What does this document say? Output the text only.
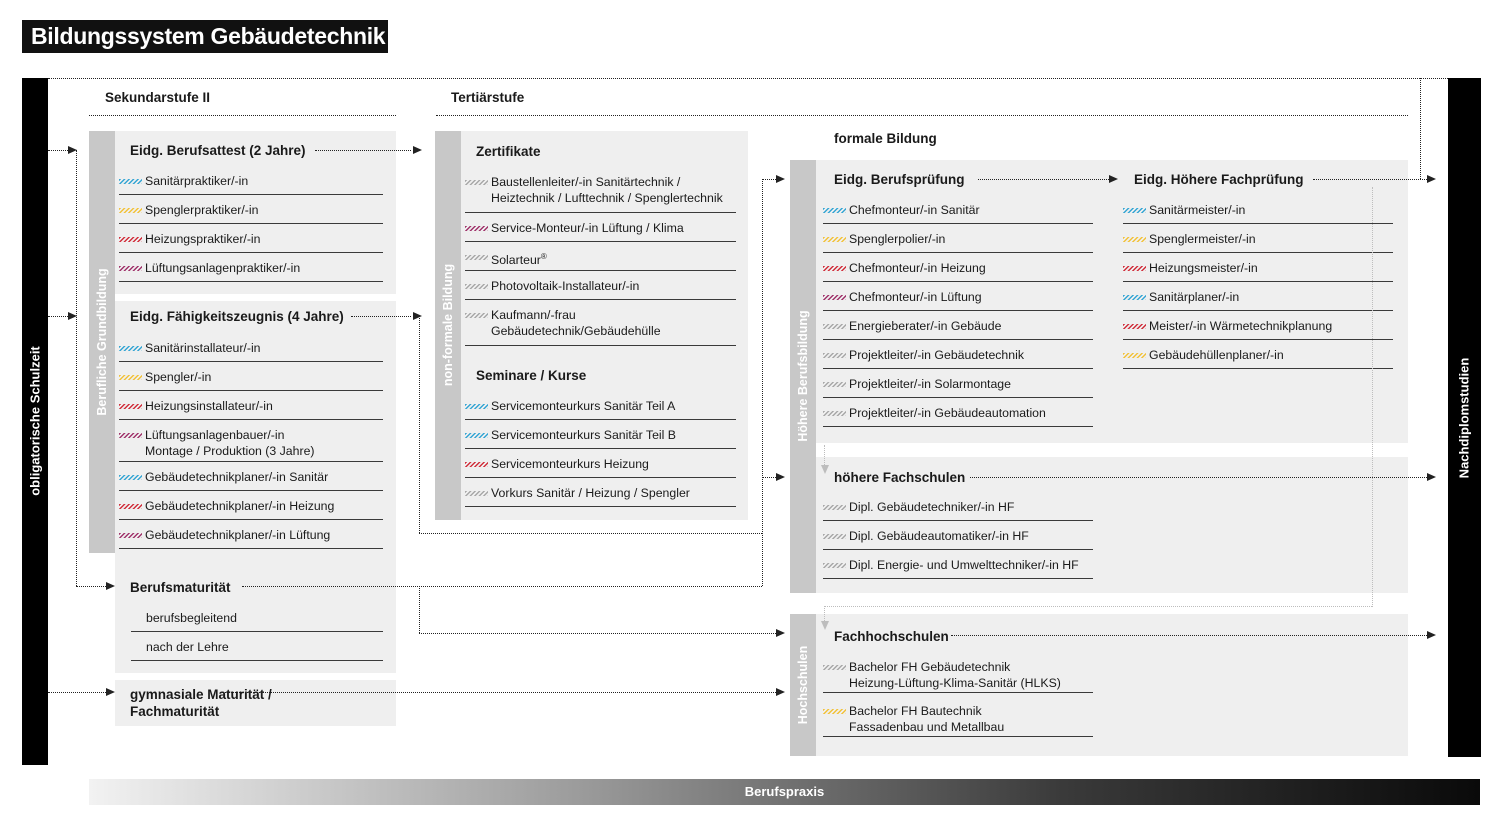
Bildungssystem Gebäudetechnik
obligatorische Schulzeit	Nachdiplomstudien
Berufspraxis
Sekundarstufe II	Tertiärstufe
formale Bildung
Berufliche Grundbildung
Eidg. Berufsattest (2 Jahre)
Sanitärpraktiker/-in
Spenglerpraktiker/-in
Heizungspraktiker/-in
Lüftungsanlagenpraktiker/-in
Eidg. Fähigkeitszeugnis (4 Jahre)
Sanitärinstallateur/-in
Spengler/-in
Heizungsinstallateur/-in
Lüftungsanlagenbauer/-in
Montage / Produktion (3 Jahre)
Gebäudetechnikplaner/-in Sanitär
Gebäudetechnikplaner/-in Heizung
Gebäudetechnikplaner/-in Lüftung
Berufsmaturität
berufsbegleitend
nach der Lehre
gymnasiale Maturität /
Fachmaturität
non-formale Bildung
Zertifikate
Baustellenleiter/-in Sanitärtechnik /
Heiztechnik / Lufttechnik / Spenglertechnik
Service-Monteur/-in Lüftung / Klima
Solarteur®
Photovoltaik-Installateur/-in
Kaufmann/-frau
Gebäudetechnik/Gebäudehülle
Seminare / Kurse
Servicemonteurkurs Sanitär Teil A
Servicemonteurkurs Sanitär Teil B
Servicemonteurkurs Heizung
Vorkurs Sanitär / Heizung / Spengler
Höhere Berufsbildung
Eidg. Berufsprüfung
Chefmonteur/-in Sanitär
Spenglerpolier/-in
Chefmonteur/-in Heizung
Chefmonteur/-in Lüftung
Energieberater/-in Gebäude
Projektleiter/-in Gebäudetechnik
Projektleiter/-in Solarmontage
Projektleiter/-in Gebäudeautomation
Eidg. Höhere Fachprüfung
Sanitärmeister/-in
Spenglermeister/-in
Heizungsmeister/-in
Sanitärplaner/-in
Meister/-in Wärmetechnikplanung
Gebäudehüllenplaner/-in
höhere Fachschulen
Dipl. Gebäudetechniker/-in HF
Dipl. Gebäudeautomatiker/-in HF
Dipl. Energie- und Umwelttechniker/-in HF
Hochschulen
Fachhochschulen
Bachelor FH Gebäudetechnik
Heizung-Lüftung-Klima-Sanitär (HLKS)
Bachelor FH Bautechnik
Fassadenbau und Metallbau
